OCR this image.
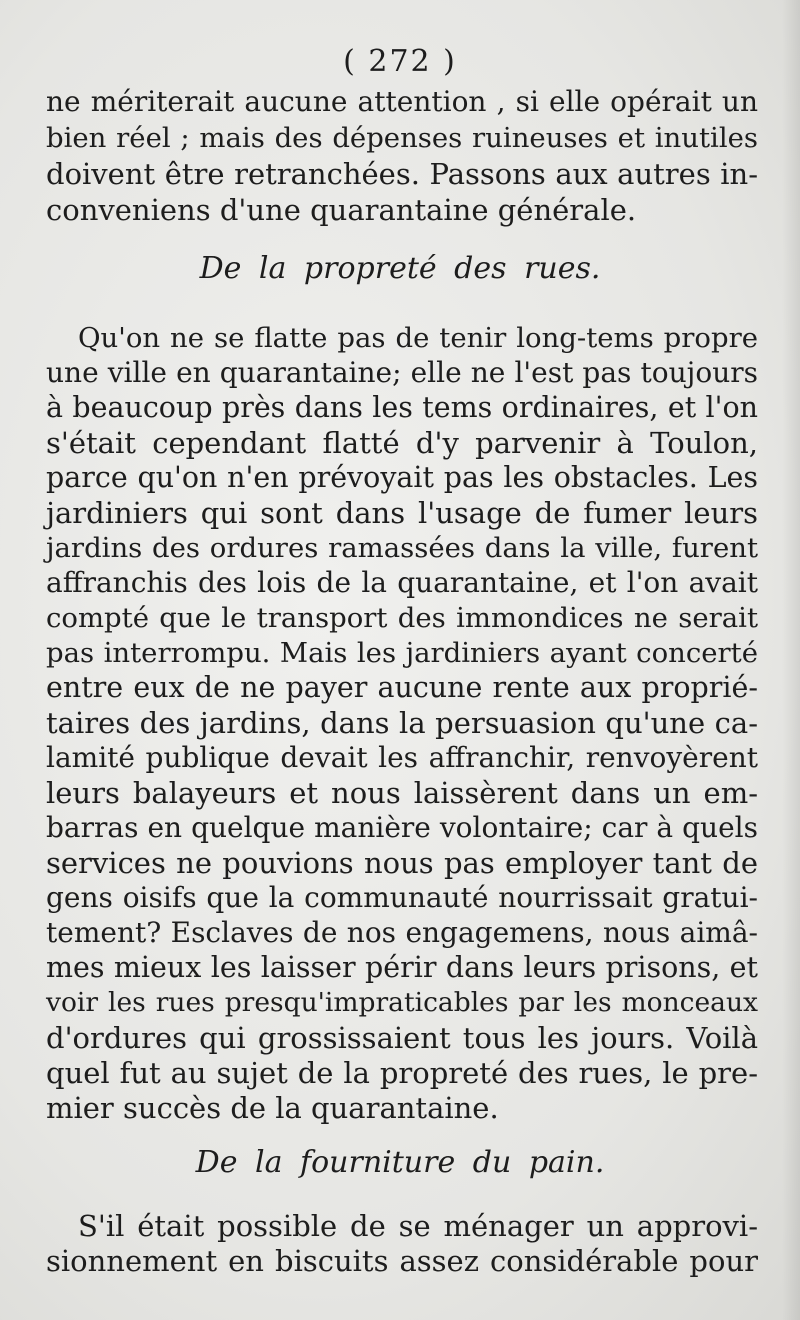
( 272 )
ne mériterait aucune attention , si elle opérait un
bien réel ; mais des dépenses ruineuses et inutiles
doivent être retranchées. Passons aux autres in-
conveniens d'une quarantaine générale.
De la propreté des rues.
Qu'on ne se flatte pas de tenir long-tems propre
une ville en quarantaine; elle ne l'est pas toujours
à beaucoup près dans les tems ordinaires, et l'on
s'était cependant flatté d'y parvenir à Toulon,
parce qu'on n'en prévoyait pas les obstacles. Les
jardiniers qui sont dans l'usage de fumer leurs
jardins des ordures ramassées dans la ville, furent
affranchis des lois de la quarantaine, et l'on avait
compté que le transport des immondices ne serait
pas interrompu. Mais les jardiniers ayant concerté
entre eux de ne payer aucune rente aux proprié-
taires des jardins, dans la persuasion qu'une ca-
lamité publique devait les affranchir, renvoyèrent
leurs balayeurs et nous laissèrent dans un em-
barras en quelque manière volontaire; car à quels
services ne pouvions nous pas employer tant de
gens oisifs que la communauté nourrissait gratui-
tement? Esclaves de nos engagemens, nous aimâ-
mes mieux les laisser périr dans leurs prisons, et
voir les rues presqu'impraticables par les monceaux
d'ordures qui grossissaient tous les jours. Voilà
quel fut au sujet de la propreté des rues, le pre-
mier succès de la quarantaine.
De la fourniture du pain.
S'il était possible de se ménager un approvi-
sionnement en biscuits assez considérable pour
